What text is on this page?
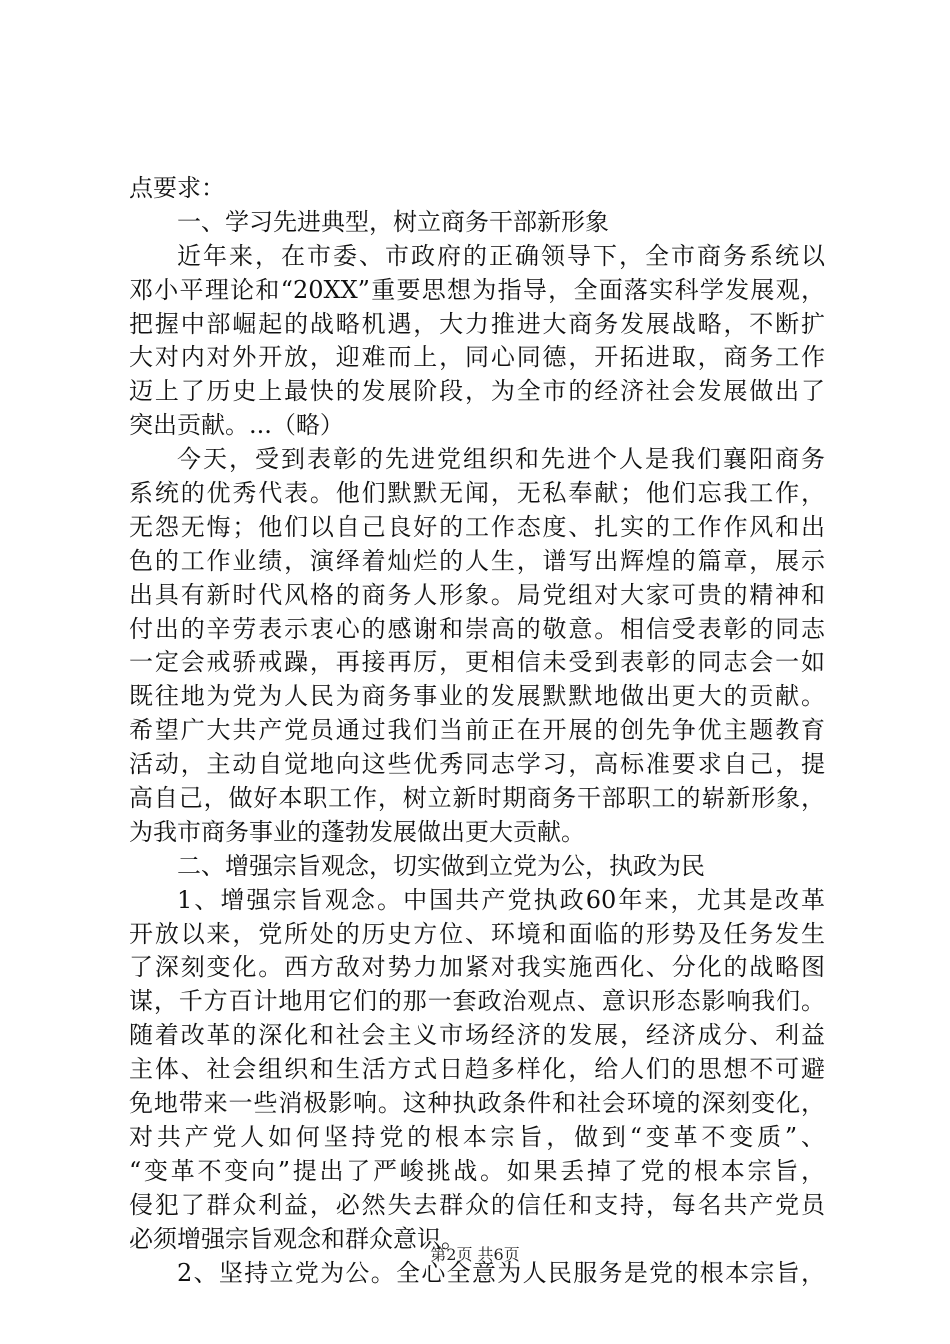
点要求：
一、学习先进典型，树立商务干部新形象
近年来，在市委、市政府的正确领导下，全市商务系统以
邓小平理论和“20XX”重要思想为指导，全面落实科学发展观，
把握中部崛起的战略机遇，大力推进大商务发展战略，不断扩
大对内对外开放，迎难而上，同心同德，开拓进取，商务工作
迈上了历史上最快的发展阶段，为全市的经济社会发展做出了
突出贡献。...（略）
今天，受到表彰的先进党组织和先进个人是我们襄阳商务
系统的优秀代表。他们默默无闻，无私奉献；他们忘我工作，
无怨无悔；他们以自己良好的工作态度、扎实的工作作风和出
色的工作业绩，演绎着灿烂的人生，谱写出辉煌的篇章，展示
出具有新时代风格的商务人形象。局党组对大家可贵的精神和
付出的辛劳表示衷心的感谢和崇高的敬意。相信受表彰的同志
一定会戒骄戒躁，再接再厉，更相信未受到表彰的同志会一如
既往地为党为人民为商务事业的发展默默地做出更大的贡献。
希望广大共产党员通过我们当前正在开展的创先争优主题教育
活动，主动自觉地向这些优秀同志学习，高标准要求自己，提
高自己，做好本职工作，树立新时期商务干部职工的崭新形象，
为我市商务事业的蓬勃发展做出更大贡献。
二、增强宗旨观念，切实做到立党为公，执政为民
1、增强宗旨观念。中国共产党执政60年来，尤其是改革
开放以来，党所处的历史方位、环境和面临的形势及任务发生
了深刻变化。西方敌对势力加紧对我实施西化、分化的战略图
谋，千方百计地用它们的那一套政治观点、意识形态影响我们。
随着改革的深化和社会主义市场经济的发展，经济成分、利益
主体、社会组织和生活方式日趋多样化，给人们的思想不可避
免地带来一些消极影响。这种执政条件和社会环境的深刻变化，
对共产党人如何坚持党的根本宗旨，做到“变革不变质”、
“变革不变向”提出了严峻挑战。如果丢掉了党的根本宗旨，
侵犯了群众利益，必然失去群众的信任和支持，每名共产党员
必须增强宗旨观念和群众意识。
2、坚持立党为公。全心全意为人民服务是党的根本宗旨，
第2页 共6页
